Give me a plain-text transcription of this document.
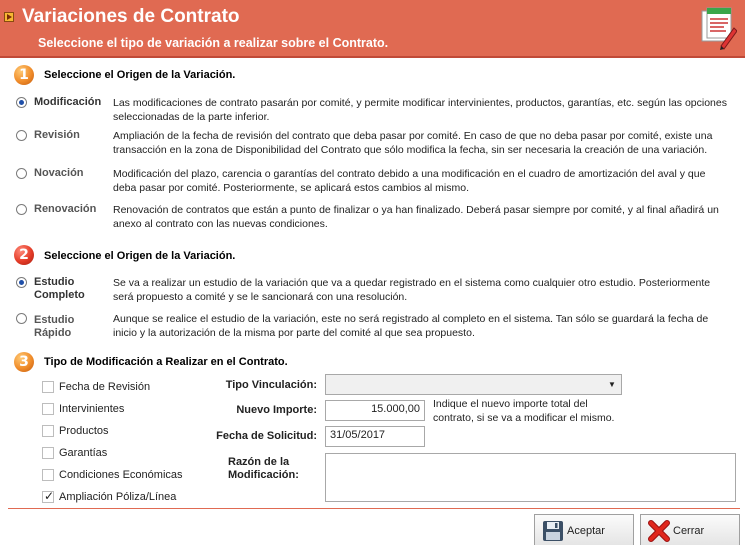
Variaciones de Contrato
Seleccione el tipo de variación a realizar sobre el Contrato.
1	Seleccione el Origen de la Variación.
Modificación Las modificaciones de contrato pasarán por comité, y permite modificar intervinientes, productos, garantías, etc. según las opciones seleccionadas de la parte inferior.
Revisión	Ampliación de la fecha de revisión del contrato que deba pasar por comité. En caso de que no deba pasar por comité, existe una transacción en la zona de Disponibilidad del Contrato que sólo modifica la fecha, sin ser necesaria la creación de una variación.
Novación	Modificación del plazo, carencia o garantías del contrato debido a una modificación en el cuadro de amortización del aval y que deba pasar por comité. Posteriormente, se aplicará estos cambios al mismo.
Renovación Renovación de contratos que están a punto de finalizar o ya han finalizado. Deberá pasar siempre por comité, y al final añadirá un anexo al contrato con las nuevas condiciones.
2	Seleccione el Origen de la Variación.
Estudio
Completo
Se va a realizar un estudio de la variación que va a quedar registrado en el sistema como cualquier otro estudio. Posteriormente será propuesto a comité y se le sancionará con una resolución.
Estudio
Rápido
Aunque se realice el estudio de la variación, este no será registrado al completo en el sistema. Tan sólo se guardará la fecha de inicio y la autorización de la misma por parte del comité al que sea propuesto.
3	Tipo de Modificación a Realizar en el Contrato.
Fecha de Revisión
Intervinientes
Productos
Garantías
Condiciones Económicas
✓
Ampliación Póliza/Línea
Tipo Vinculación:	▼
Nuevo Importe:	15.000,00	Indique el nuevo importe total del contrato, si se va a modificar el mismo.
Fecha de Solicitud:	31/05/2017
Razón de la
Modificación:
Aceptar	Cerrar
